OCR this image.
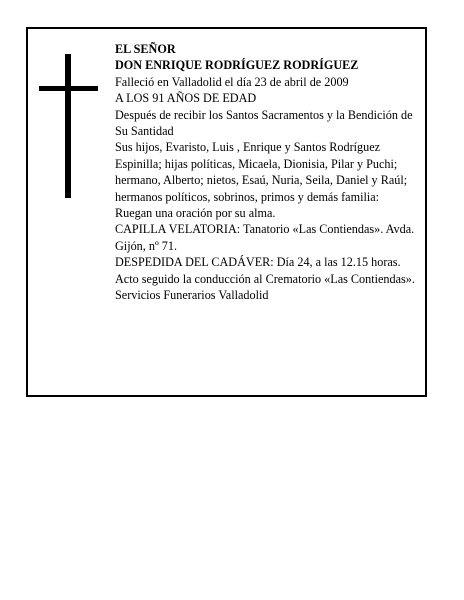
EL SEÑOR

DON ENRIQUE RODRÍGUEZ RODRÍGUEZ

Falleció en Valladolid el día 23 de abril de 2009

A LOS 91 AÑOS DE EDAD

Después de recibir los Santos Sacramentos y la Bendición de Su Santidad

Sus hijos, Evaristo, Luis , Enrique y Santos Rodríguez Espinilla; hijas políticas, Micaela, Dionisia, Pilar y Puchi; hermano, Alberto; nietos, Esaú, Nuria, Seila, Daniel y Raúl; hermanos políticos, sobrinos, primos y demás familia:

Ruegan una oración por su alma.

CAPILLA VELATORIA: Tanatorio «Las Contiendas». Avda. Gijón, nº 71.

DESPEDIDA DEL CADÁVER: Día 24, a las 12.15 horas. Acto seguido la conducción al Crematorio «Las Contiendas».

Servicios Funerarios Valladolid
